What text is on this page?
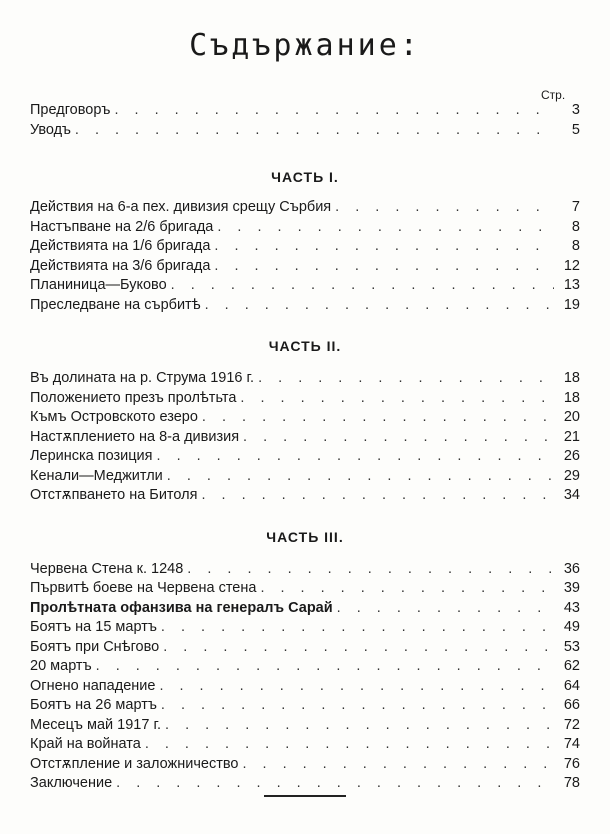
Съдържание:
Стр.
Предговоръ . . .	3
Уводъ . . .	5
ЧАСТЬ I.
Действия на 6-а пех. дивизия срещу Сърбия . . .	7
Настъпване на 2/6 бригада . . .	8
Действията на 1/6 бригада . . .	8
Действията на 3/6 бригада . . .	12
Планиница—Буково . . .	13
Преследване на сърбитѣ . . .	19
ЧАСТЬ II.
Въ долината на р. Струма 1916 г. . . .	18
Положението презъ пролѣтьта . . .	18
Къмъ Островското езеро . . .	20
Настѫплението на 8-а дивизия . . .	21
Леринска позиция . . .	26
Кенали—Меджитли . . .	29
Отстѫпването на Битоля . . .	34
ЧАСТЬ III.
Червена Стена к. 1248 . . .	36
Първитѣ боеве на Червена стена . . .	39
Пролѣтната офанзива на генералъ Сарай . . .	43
Боятъ на 15 мартъ . . .	49
Боятъ при Снѣгово . . .	53
20 мартъ . . .	62
Огнено нападение . . .	64
Боятъ на 26 мартъ . . .	66
Месецъ май 1917 г. . . .	72
Край на войната . . .	74
Отстѫпление и заложничество . . .	76
Заключение . . .	78
